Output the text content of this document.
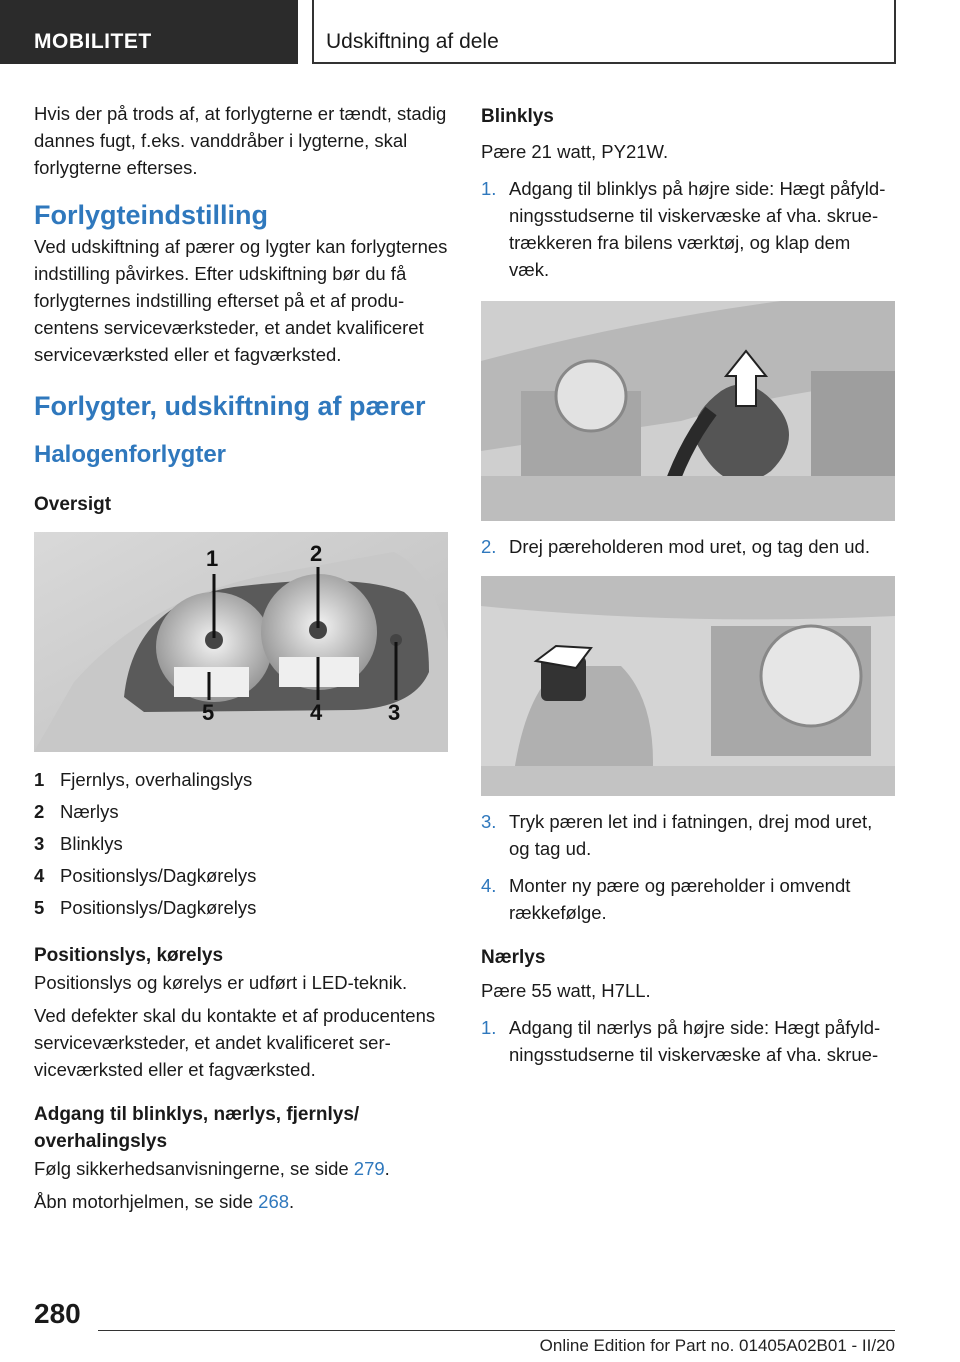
MOBILITET	Udskiftning af dele

Hvis der på trods af, at forlygterne er tændt, stadig dannes fugt, f.eks. vanddråber i lygterne, skal forlygterne efterses.

Forlygteindstilling

Ved udskiftning af pærer og lygter kan forlygternes indstilling påvirkes. Efter udskiftning bør du få forlygternes indstilling efterset på et af producentens serviceværksteder, et andet kvalificeret serviceværksted eller et fagværksted.

Forlygter, udskiftning af pærer
Halogenforlygter
Oversigt
1	2
3
4
5
1 Fjernlys, overhalingslys
2 Nærlys
3 Blinklys
4 Positionslys/Dagkørelys
5 Positionslys/Dagkørelys
Positionslys, kørelys

Positionslys og kørelys er udført i LED-teknik.

Ved defekter skal du kontakte et af producentens serviceværksteder, et andet kvalificeret serviceværksted eller et fagværksted.

Adgang til blinklys, nærlys, fjernlys/ overhalingslys

Følg sikkerhedsanvisningerne, se side 279.

Åbn motorhjelmen, se side 268.

Blinklys

Pære 21 watt, PY21W.

1. Adgang til blinklys på højre side: Hægt påfyldningsstudserne til viskervæske af vha. skruetrækkeren fra bilens værktøj, og klap dem væk.
2. Drej pæreholderen mod uret, og tag den ud.
3. Tryk pæren let ind i fatningen, drej mod uret, og tag ud.
4. Monter ny pære og pæreholder i omvendt rækkefølge.
Nærlys

Pære 55 watt, H7LL.

1. Adgang til nærlys på højre side: Hægt påfyldningsstudserne til viskervæske af vha. skrue-
280
Online Edition for Part no. 01405A02B01 - II/20
